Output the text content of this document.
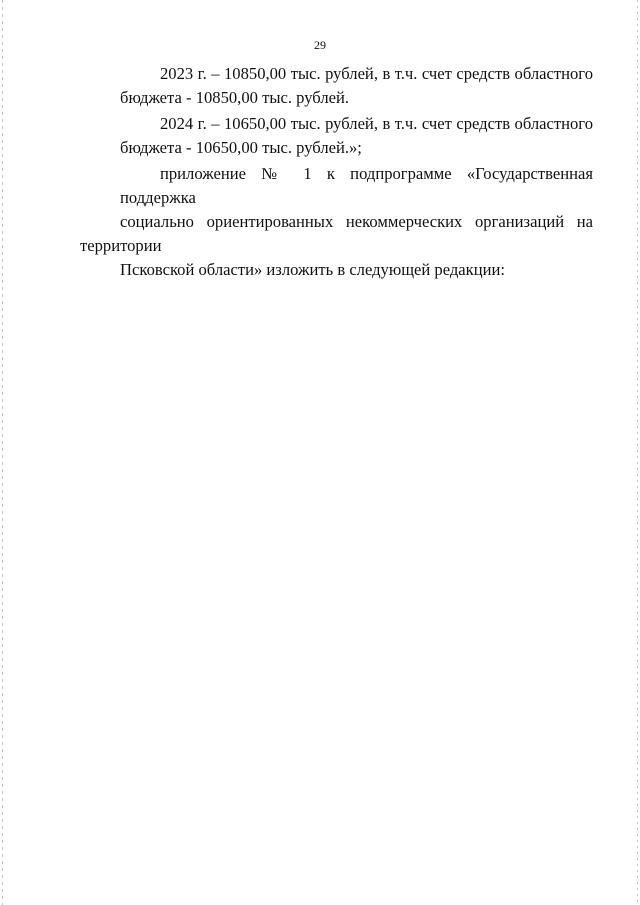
29

2023 г. – 10850,00 тыс. рублей, в т.ч. счет средств областного
бюджета - 10850,00 тыс. рублей.

2024 г. – 10650,00 тыс. рублей, в т.ч. счет средств областного
бюджета - 10650,00 тыс. рублей.»;

приложение № 1 к подпрограмме «Государственная поддержка
социально ориентированных некоммерческих организаций на территории
Псковской области» изложить в следующей редакции:
